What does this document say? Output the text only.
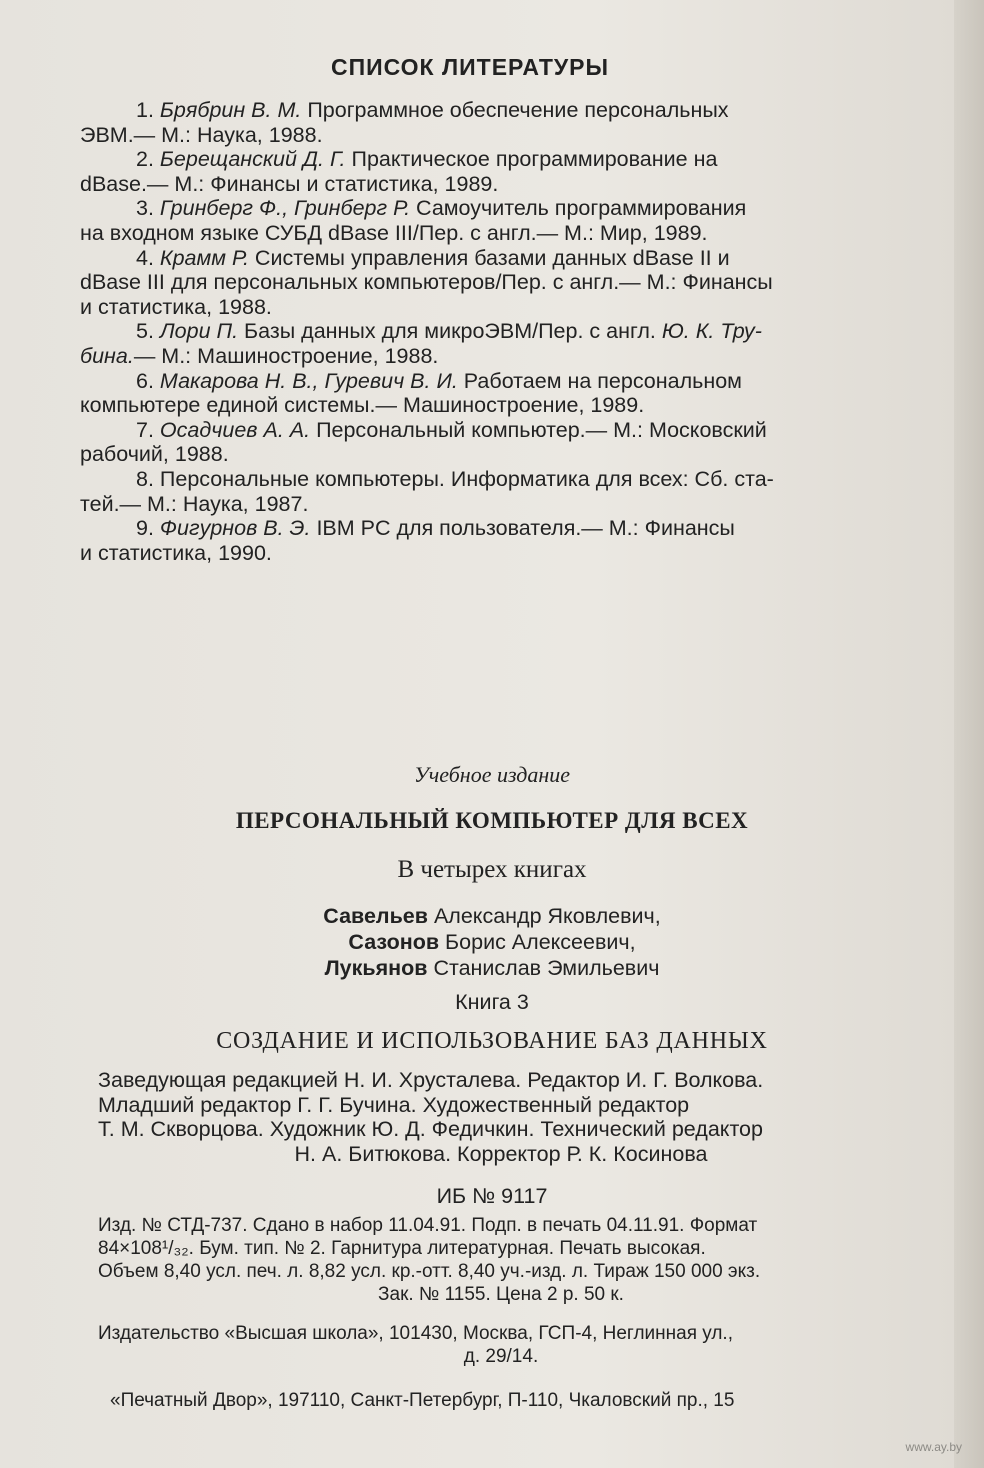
СПИСОК ЛИТЕРАТУРЫ
1. Бpябpин В. М. Программное обеспечение персональных
ЭВМ.— М.: Наука, 1988.
2. Берещанский Д. Г. Практическое программирование на
dBase.— М.: Финансы и статистика, 1989.
3. Гринберг Ф., Гринберг Р. Самоучитель программирования
на входном языке СУБД dBase III/Пер. с англ.— М.: Мир, 1989.
4. Крамм Р. Системы управления базами данных dBase II и
dBase III для персональных компьютеров/Пер. с англ.— М.: Финансы
и статистика, 1988.
5. Лори П. Базы данных для микроЭВМ/Пер. с англ. Ю. К. Тру-
бина.— М.: Машиностроение, 1988.
6. Макарова Н. В., Гуревич В. И. Работаем на персональном
компьютере единой системы.— Машиностроение, 1989.
7. Осадчиев А. А. Персональный компьютер.— М.: Московский
рабочий, 1988.
8. Персональные компьютеры. Информатика для всех: Сб. ста-
тей.— М.: Наука, 1987.
9. Фигурнов В. Э. IBM PC для пользователя.— М.: Финансы
и статистика, 1990.
Учебное издание
ПЕРСОНАЛЬНЫЙ КОМПЬЮТЕР ДЛЯ ВСЕХ
В четырех книгах
Савельев Александр Яковлевич,
Сазонов Борис Алексеевич,
Лукьянов Станислав Эмильевич
Книга 3
СОЗДАНИЕ И ИСПОЛЬЗОВАНИЕ БАЗ ДАННЫХ
Заведующая редакцией Н. И. Хрусталева. Редактор И. Г. Волкова.
Младший редактор Г. Г. Бучина. Художественный редактор
Т. М. Скворцова. Художник Ю. Д. Федичкин. Технический редактор
Н. А. Битюкова. Корректор Р. К. Косинова
ИБ № 9117
Изд. № СТД-737. Сдано в набор 11.04.91. Подп. в печать 04.11.91. Формат
84×108¹/₃₂. Бум. тип. № 2. Гарнитура литературная. Печать высокая.
Объем 8,40 усл. печ. л. 8,82 усл. кр.-отт. 8,40 уч.-изд. л. Тираж 150 000 экз.
Зак. № 1155. Цена 2 р. 50 к.
Издательство «Высшая школа», 101430, Москва, ГСП-4, Неглинная ул.,
д. 29/14.
«Печатный Двор», 197110, Санкт-Петербург, П-110, Чкаловский пр., 15
www.ay.by
